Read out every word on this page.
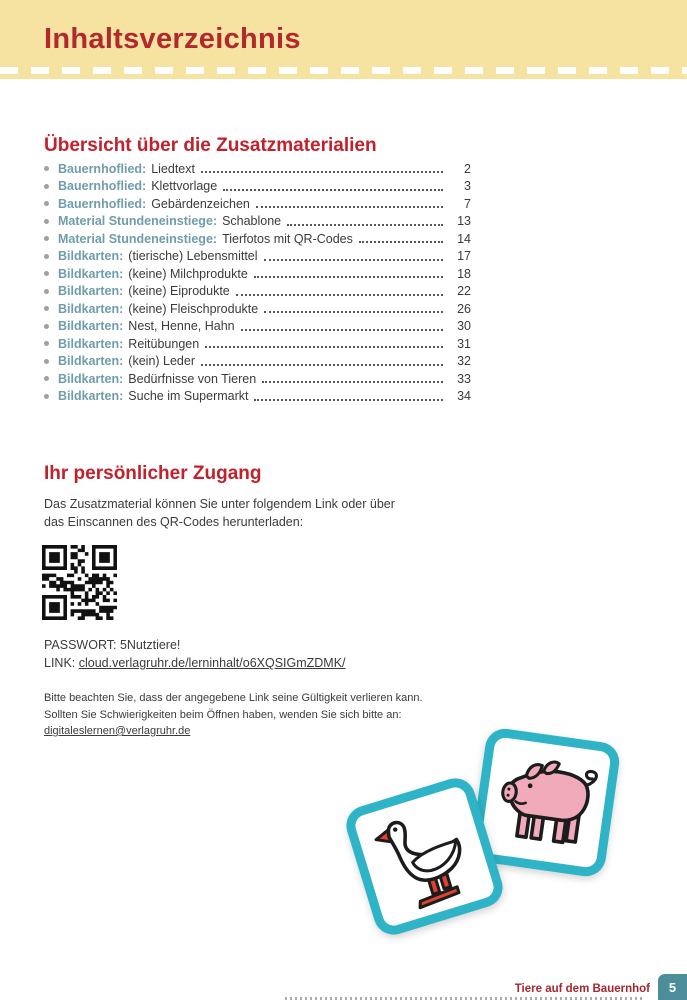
Inhaltsverzeichnis
Übersicht über die Zusatzmaterialien
Bauernhoflied: Liedtext	2
Bauernhoflied: Klettvorlage	3
Bauernhoflied: Gebärdenzeichen	7
Material Stundeneinstiege: Schablone	13
Material Stundeneinstiege: Tierfotos mit QR-Codes	14
Bildkarten: (tierische) Lebensmittel	17
Bildkarten: (keine) Milchprodukte	18
Bildkarten: (keine) Eiprodukte	22
Bildkarten: (keine) Fleischprodukte	26
Bildkarten: Nest, Henne, Hahn	30
Bildkarten: Reitübungen	31
Bildkarten: (kein) Leder	32
Bildkarten: Bedürfnisse von Tieren	33
Bildkarten: Suche im Supermarkt	34
Ihr persönlicher Zugang
Das Zusatzmaterial können Sie unter folgendem Link oder über
das Einscannen des QR-Codes herunterladen:
PASSWORT: 5Nutztiere!
LINK: cloud.verlagruhr.de/lerninhalt/o6XQSIGmZDMK/
Bitte beachten Sie, dass der angegebene Link seine Gültigkeit verlieren kann.
Sollten Sie Schwierigkeiten beim Öffnen haben, wenden Sie sich bitte an:
digitaleslernen@verlagruhr.de
Tiere auf dem Bauernhof 5
